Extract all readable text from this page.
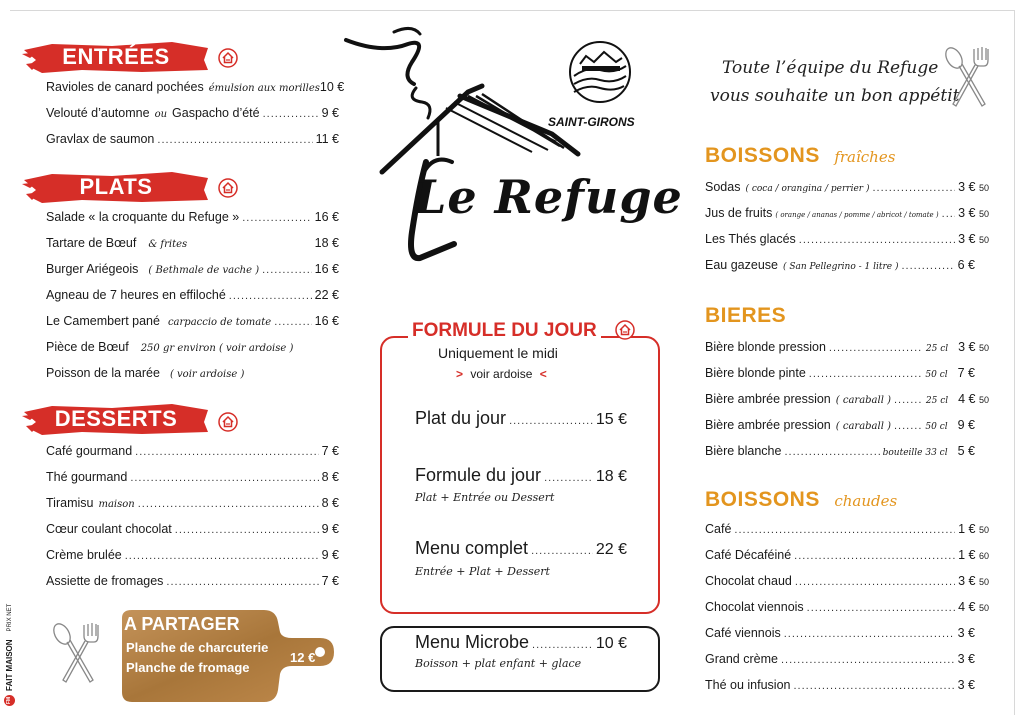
ENTRÉES
Ravioles de canard pochées émulsion aux morilles 10 €
Velouté d’automne ou Gaspacho d’été .....	9 €
Gravlax de saumon .....	11 €
PLATS
Salade « la croquante du Refuge » .....	16 €
Tartare de Bœuf & frites	18 €
Burger Ariégeois ( Bethmale de vache ) .....	16 €
Agneau de 7 heures en effiloché .....	22 €
Le Camembert pané carpaccio de tomate .....	16 €
Pièce de Bœuf 250 gr environ ( voir ardoise )
Poisson de la marée ( voir ardoise )
DESSERTS
Café gourmand .....	7 €
Thé gourmand .....	8 €
Tiramisu maison .....	8 €
Cœur coulant chocolat .....	9 €
Crème brulée .....	9 €
Assiette de fromages .....	7 €
A PARTAGER
Planche de charcuterie
Planche de fromage
12 €
FM
FAIT MAISON
PRIX NET
SAINT-GIRONS
Le Refuge
FORMULE DU JOUR
Uniquement le midi
> voir ardoise <
Plat du jour .....	15 €
Formule du jour .....	18 €
Plat + Entrée ou Dessert
Menu complet .....	22 €
Entrée + Plat + Dessert
Menu Microbe .....	10 €
Boisson + plat enfant + glace
Toute l’équipe du Refuge
vous souhaite un bon appétit
BOISSONS fraîches
Sodas ( coca / orangina / perrier ) .....	3 € 50
Jus de fruits ( orange / ananas / pomme / abricot / tomate ) ..... 3 € 50
Les Thés glacés .....	3 € 50
Eau gazeuse ( San Pellegrino - 1 litre ) .....	6 €
BIERES
Bière blonde pression .....	25 cl 3 € 50
Bière blonde pinte .....	50 cl 7 €
Bière ambrée pression ( caraball ) .....	25 cl 4 € 50
Bière ambrée pression ( caraball ) .....	50 cl 9 €
Bière blanche .....	bouteille 33 cl 5 €
BOISSONS chaudes
Café .....	1 € 50
Café Décaféiné .....	1 € 60
Chocolat chaud .....	3 € 50
Chocolat viennois .....	4 € 50
Café viennois .....	3 €
Grand crème .....	3 €
Thé ou infusion .....	3 €
